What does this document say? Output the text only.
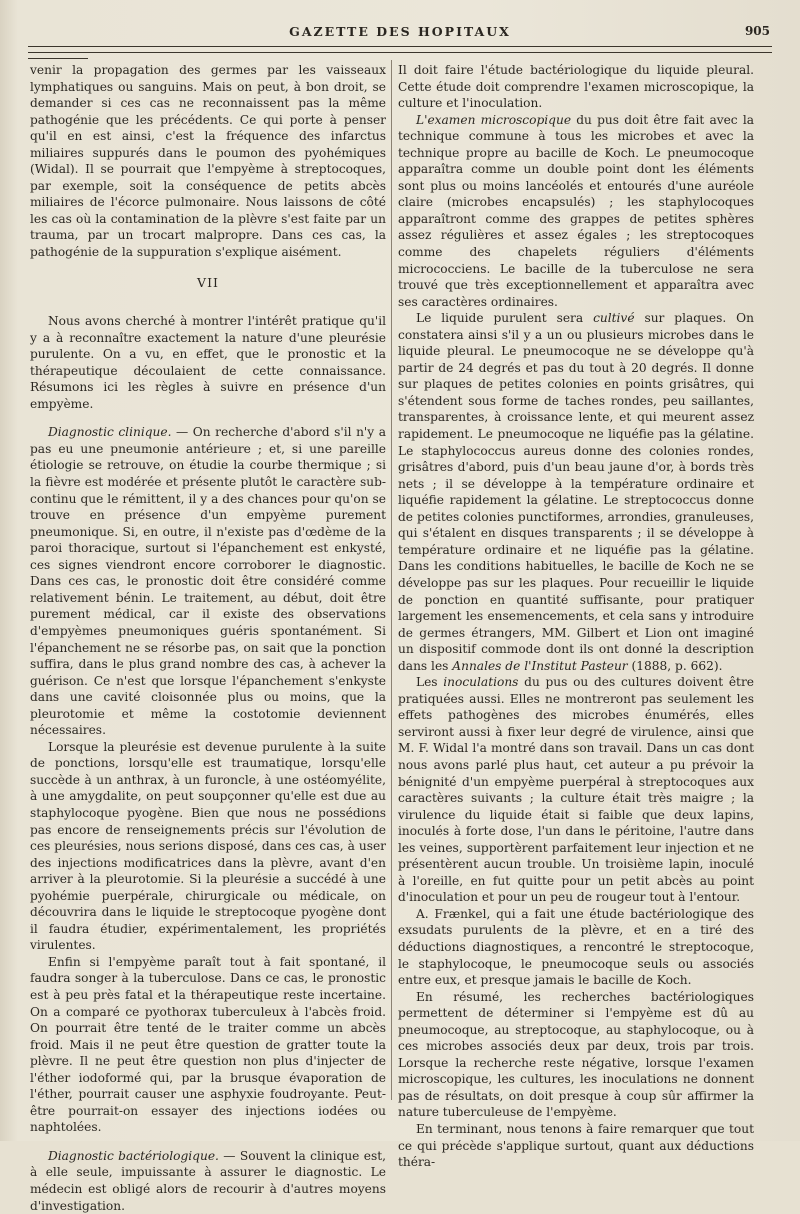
GAZETTE DES HOPITAUX	905

venir la propagation des germes par les vaisseaux lymphatiques ou sanguins. Mais on peut, à bon droit, se demander si ces cas ne reconnaissent pas la même pathogénie que les précédents. Ce qui porte à penser qu'il en est ainsi, c'est la fréquence des infarctus miliaires suppurés dans le poumon des pyohémiques (Widal). Il se pourrait que l'empyème à streptocoques, par exemple, soit la conséquence de petits abcès miliaires de l'écorce pulmonaire. Nous laissons de côté les cas où la contamination de la plèvre s'est faite par un trauma, par un trocart malpropre. Dans ces cas, la pathogénie de la suppuration s'explique aisément.

VII

Nous avons cherché à montrer l'intérêt pratique qu'il y a à reconnaître exactement la nature d'une pleurésie purulente. On a vu, en effet, que le pronostic et la thérapeutique découlaient de cette connaissance. Résumons ici les règles à suivre en présence d'un empyème.

Diagnostic clinique. — On recherche d'abord s'il n'y a pas eu une pneumonie antérieure ; et, si une pareille étiologie se retrouve, on étudie la courbe thermique ; si la fièvre est modérée et présente plutôt le caractère sub-continu que le rémittent, il y a des chances pour qu'on se trouve en présence d'un empyème purement pneumonique. Si, en outre, il n'existe pas d'œdème de la paroi thoracique, surtout si l'épanchement est enkysté, ces signes viendront encore corroborer le diagnostic. Dans ces cas, le pronostic doit être considéré comme relativement bénin. Le traitement, au début, doit être purement médical, car il existe des observations d'empyèmes pneumoniques guéris spontanément. Si l'épanchement ne se résorbe pas, on sait que la ponction suffira, dans le plus grand nombre des cas, à achever la guérison. Ce n'est que lorsque l'épanchement s'enkyste dans une cavité cloisonnée plus ou moins, que la pleurotomie et même la costotomie deviennent nécessaires.

Lorsque la pleurésie est devenue purulente à la suite de ponctions, lorsqu'elle est traumatique, lorsqu'elle succède à un anthrax, à un furoncle, à une ostéomyélite, à une amygdalite, on peut soupçonner qu'elle est due au staphylocoque pyogène. Bien que nous ne possédions pas encore de renseignements précis sur l'évolution de ces pleurésies, nous serions disposé, dans ces cas, à user des injections modificatrices dans la plèvre, avant d'en arriver à la pleurotomie. Si la pleurésie a succédé à une pyohémie puerpérale, chirurgicale ou médicale, on découvrira dans le liquide le streptocoque pyogène dont il faudra étudier, expérimentalement, les propriétés virulentes.

Enfin si l'empyème paraît tout à fait spontané, il faudra songer à la tuberculose. Dans ce cas, le pronostic est à peu près fatal et la thérapeutique reste incertaine. On a comparé ce pyothorax tuberculeux à l'abcès froid. On pourrait être tenté de le traiter comme un abcès froid. Mais il ne peut être question de gratter toute la plèvre. Il ne peut être question non plus d'injecter de l'éther iodoformé qui, par la brusque évaporation de l'éther, pourrait causer une asphyxie foudroyante. Peut-être pourrait-on essayer des injections iodées ou naphtolées.

Diagnostic bactériologique. — Souvent la clinique est, à elle seule, impuissante à assurer le diagnostic. Le médecin est obligé alors de recourir à d'autres moyens d'investigation.

Il doit faire l'étude bactériologique du liquide pleural. Cette étude doit comprendre l'examen microscopique, la culture et l'inoculation.

L'examen microscopique du pus doit être fait avec la technique commune à tous les microbes et avec la technique propre au bacille de Koch. Le pneumocoque apparaîtra comme un double point dont les éléments sont plus ou moins lancéolés et entourés d'une auréole claire (microbes encapsulés) ; les staphylocoques apparaîtront comme des grappes de petites sphères assez régulières et assez égales ; les streptocoques comme des chapelets réguliers d'éléments micrococciens. Le bacille de la tuberculose ne sera trouvé que très exceptionnellement et apparaîtra avec ses caractères ordinaires.

Le liquide purulent sera cultivé sur plaques. On constatera ainsi s'il y a un ou plusieurs microbes dans le liquide pleural. Le pneumocoque ne se développe qu'à partir de 24 degrés et pas du tout à 20 degrés. Il donne sur plaques de petites colonies en points grisâtres, qui s'étendent sous forme de taches rondes, peu saillantes, transparentes, à croissance lente, et qui meurent assez rapidement. Le pneumocoque ne liquéfie pas la gélatine. Le staphylococcus aureus donne des colonies rondes, grisâtres d'abord, puis d'un beau jaune d'or, à bords très nets ; il se développe à la température ordinaire et liquéfie rapidement la gélatine. Le streptococcus donne de petites colonies punctiformes, arrondies, granuleuses, qui s'étalent en disques transparents ; il se développe à température ordinaire et ne liquéfie pas la gélatine. Dans les conditions habituelles, le bacille de Koch ne se développe pas sur les plaques. Pour recueillir le liquide de ponction en quantité suffisante, pour pratiquer largement les ensemencements, et cela sans y introduire de germes étrangers, MM. Gilbert et Lion ont imaginé un dispositif commode dont ils ont donné la description dans les Annales de l'Institut Pasteur (1888, p. 662).

Les inoculations du pus ou des cultures doivent être pratiquées aussi. Elles ne montreront pas seulement les effets pathogènes des microbes énumérés, elles serviront aussi à fixer leur degré de virulence, ainsi que M. F. Widal l'a montré dans son travail. Dans un cas dont nous avons parlé plus haut, cet auteur a pu prévoir la bénignité d'un empyème puerpéral à streptocoques aux caractères suivants ; la culture était très maigre ; la virulence du liquide était si faible que deux lapins, inoculés à forte dose, l'un dans le péritoine, l'autre dans les veines, supportèrent parfaitement leur injection et ne présentèrent aucun trouble. Un troisième lapin, inoculé à l'oreille, en fut quitte pour un petit abcès au point d'inoculation et pour un peu de rougeur tout à l'entour.

A. Frænkel, qui a fait une étude bactériologique des exsudats purulents de la plèvre, et en a tiré des déductions diagnostiques, a rencontré le streptocoque, le staphylocoque, le pneumocoque seuls ou associés entre eux, et presque jamais le bacille de Koch.

En résumé, les recherches bactériologiques permettent de déterminer si l'empyème est dû au pneumocoque, au streptocoque, au staphylocoque, ou à ces microbes associés deux par deux, trois par trois. Lorsque la recherche reste négative, lorsque l'examen microscopique, les cultures, les inoculations ne donnent pas de résultats, on doit presque à coup sûr affirmer la nature tuberculeuse de l'empyème.

En terminant, nous tenons à faire remarquer que tout ce qui précède s'applique surtout, quant aux déductions théra-
